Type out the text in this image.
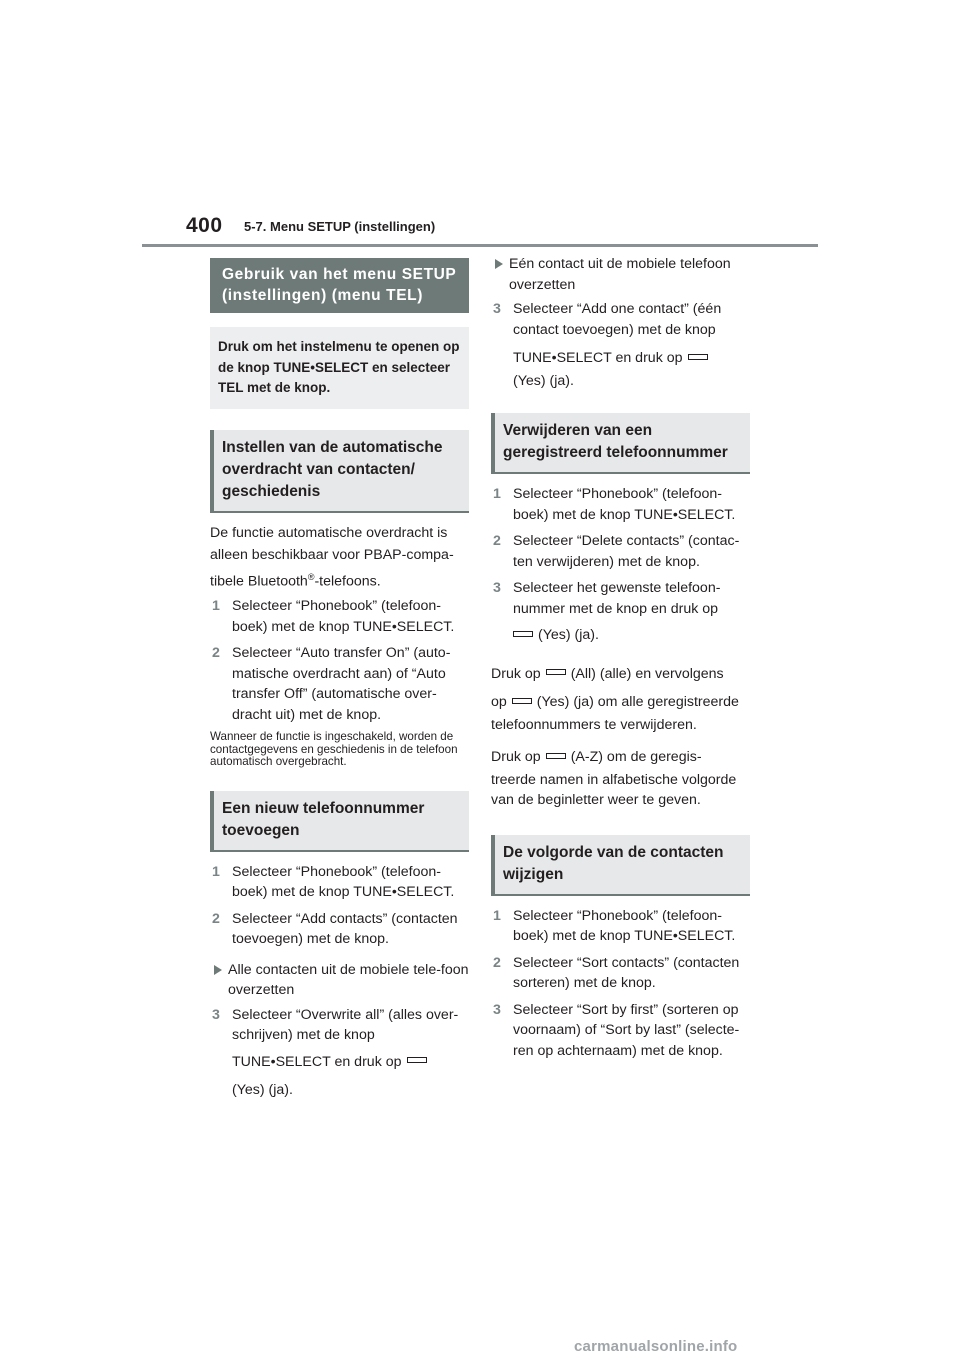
400 5-7. Menu SETUP (instellingen)
Gebruik van het menu SETUP (instellingen) (menu TEL)
Druk om het instelmenu te openen op de knop TUNE•SELECT en selecteer TEL met de knop.
Instellen van de automatische overdracht van contacten/ geschiedenis

De functie automatische overdracht is alleen beschikbaar voor PBAP-compa-tibele Bluetooth®-telefoons.

1 Selecteer “Phonebook” (telefoon-boek) met de knop TUNE•SELECT.
2 Selecteer “Auto transfer On” (auto-matische overdracht aan) of “Auto transfer Off” (automatische over-dracht uit) met de knop.

Wanneer de functie is ingeschakeld, worden de contactgegevens en geschiedenis in de telefoon automatisch overgebracht.

Een nieuw telefoonnummer toevoegen
1 Selecteer “Phonebook” (telefoon-boek) met de knop TUNE•SELECT.
2 Selecteer “Add contacts” (contacten toevoegen) met de knop.
Alle contacten uit de mobiele tele-foon overzetten
3 Selecteer “Overwrite all” (alles over-schrijven) met de knop
TUNE•SELECT en druk op
(Yes) (ja).
Eén contact uit de mobiele telefoon overzetten
3 Selecteer “Add one contact” (één contact toevoegen) met de knop
TUNE•SELECT en druk op
(Yes) (ja).
Verwijderen van een geregistreerd telefoonnummer
1 Selecteer “Phonebook” (telefoon-boek) met de knop TUNE•SELECT.
2 Selecteer “Delete contacts” (contac-ten verwijderen) met de knop.
3 Selecteer het gewenste telefoon-nummer met de knop en druk op
(Yes) (ja).

Druk op (All) (alle) en vervolgens

op (Yes) (ja) om alle geregistreerde

telefoonnummers te verwijderen.

Druk op (A-Z) om de geregis-

treerde namen in alfabetische volgorde van de beginletter weer te geven.

De volgorde van de contacten wijzigen
1 Selecteer “Phonebook” (telefoon-boek) met de knop TUNE•SELECT.
2 Selecteer “Sort contacts” (contacten sorteren) met de knop.
3 Selecteer “Sort by first” (sorteren op voornaam) of “Sort by last” (selecte-ren op achternaam) met de knop.
carmanualsonline.info
